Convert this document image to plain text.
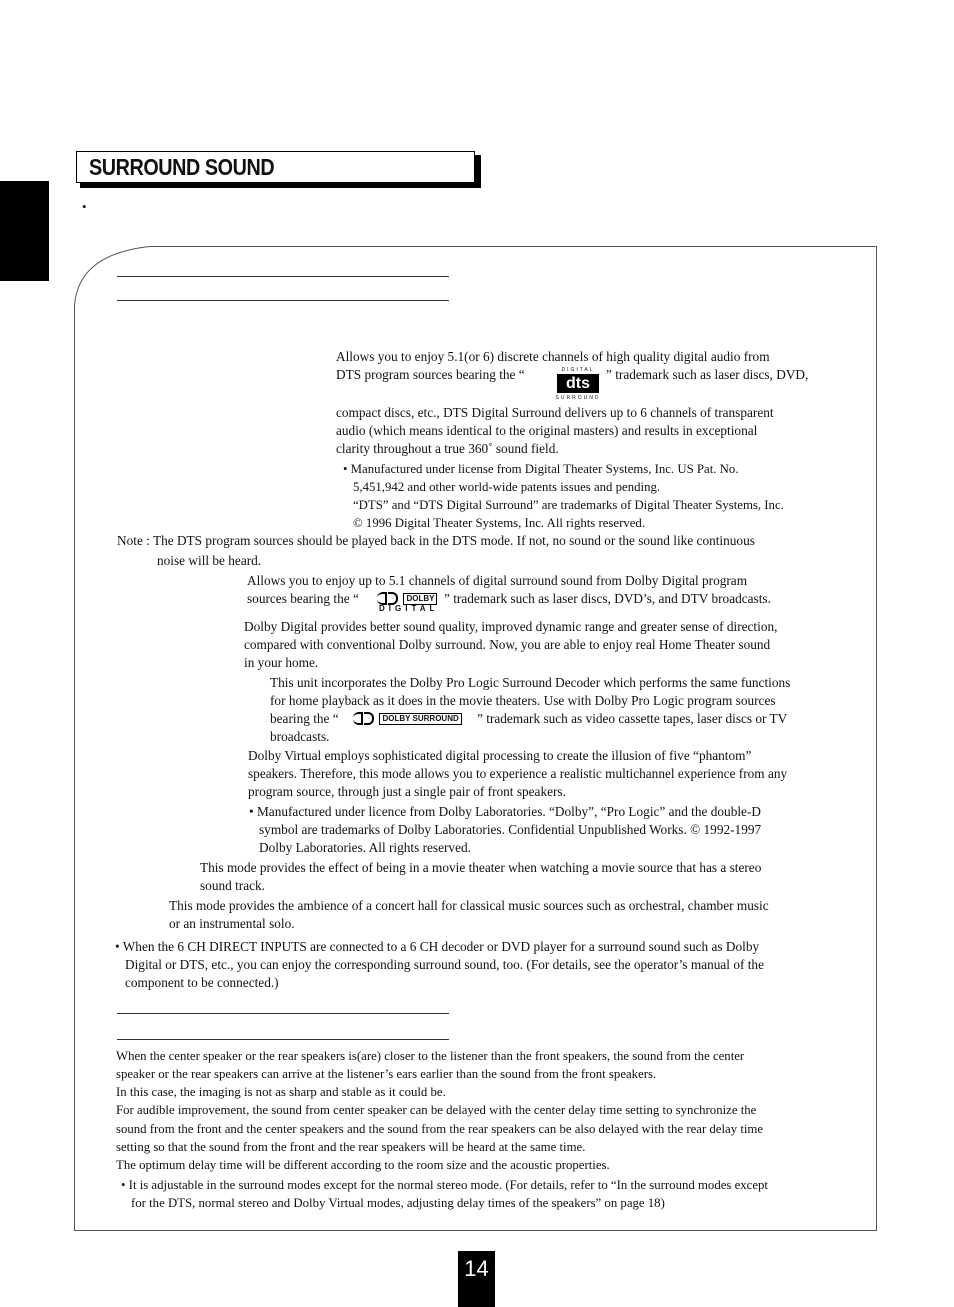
SURROUND SOUND
•
Allows you to enjoy 5.1(or 6) discrete channels of high quality digital audio from
DTS program sources bearing the “	DIGITAL
dts
SURROUND
” trademark such as laser discs, DVD,
compact discs, etc., DTS Digital Surround delivers up to 6 channels of transparent
audio (which means identical to the original masters) and results in exceptional
clarity throughout a true 360˚ sound field.
• Manufactured under license from Digital Theater Systems, Inc. US Pat. No.
5,451,942 and other world-wide patents issues and pending.
“DTS” and “DTS Digital Surround” are trademarks of Digital Theater Systems, Inc.
© 1996 Digital Theater Systems, Inc. All rights reserved.
Note : The DTS program sources should be played back in the DTS mode. If not, no sound or the sound like continuous
noise will be heard.
Allows you to enjoy up to 5.1 channels of digital surround sound from Dolby Digital program
sources bearing the “	DOLBY
DIGITAL
” trademark such as laser discs, DVD’s, and DTV broadcasts.
Dolby Digital provides better sound quality, improved dynamic range and greater sense of direction,
compared with conventional Dolby surround. Now, you are able to enjoy real Home Theater sound
in your home.
This unit incorporates the Dolby Pro Logic Surround Decoder which performs the same functions
for home playback as it does in the movie theaters. Use with Dolby Pro Logic program sources
bearing the “	DOLBY SURROUND ” trademark such as video cassette tapes, laser discs or TV
broadcasts.
Dolby Virtual employs sophisticated digital processing to create the illusion of five “phantom”
speakers. Therefore, this mode allows you to experience a realistic multichannel experience from any
program source, through just a single pair of front speakers.
• Manufactured under licence from Dolby Laboratories. “Dolby”, “Pro Logic” and the double-D
symbol are trademarks of Dolby Laboratories. Confidential Unpublished Works. © 1992-1997
Dolby Laboratories. All rights reserved.
This mode provides the effect of being in a movie theater when watching a movie source that has a stereo
sound track.
This mode provides the ambience of a concert hall for classical music sources such as orchestral, chamber music
or an instrumental solo.
• When the 6 CH DIRECT INPUTS are connected to a 6 CH decoder or DVD player for a surround sound such as Dolby
Digital or DTS, etc., you can enjoy the corresponding surround sound, too. (For details, see the operator’s manual of the
component to be connected.)
When the center speaker or the rear speakers is(are) closer to the listener than the front speakers, the sound from the center
speaker or the rear speakers can arrive at the listener’s ears earlier than the sound from the front speakers.
In this case, the imaging is not as sharp and stable as it could be.
For audible improvement, the sound from center speaker can be delayed with the center delay time setting to synchronize the
sound from the front and the center speakers and the sound from the rear speakers can be also delayed with the rear delay time
setting so that the sound from the front and the rear speakers will be heard at the same time.
The optimum delay time will be different according to the room size and the acoustic properties.
• It is adjustable in the surround modes except for the normal stereo mode. (For details, refer to “In the surround modes except
for the DTS, normal stereo and Dolby Virtual modes, adjusting delay times of the speakers” on page 18)
14
